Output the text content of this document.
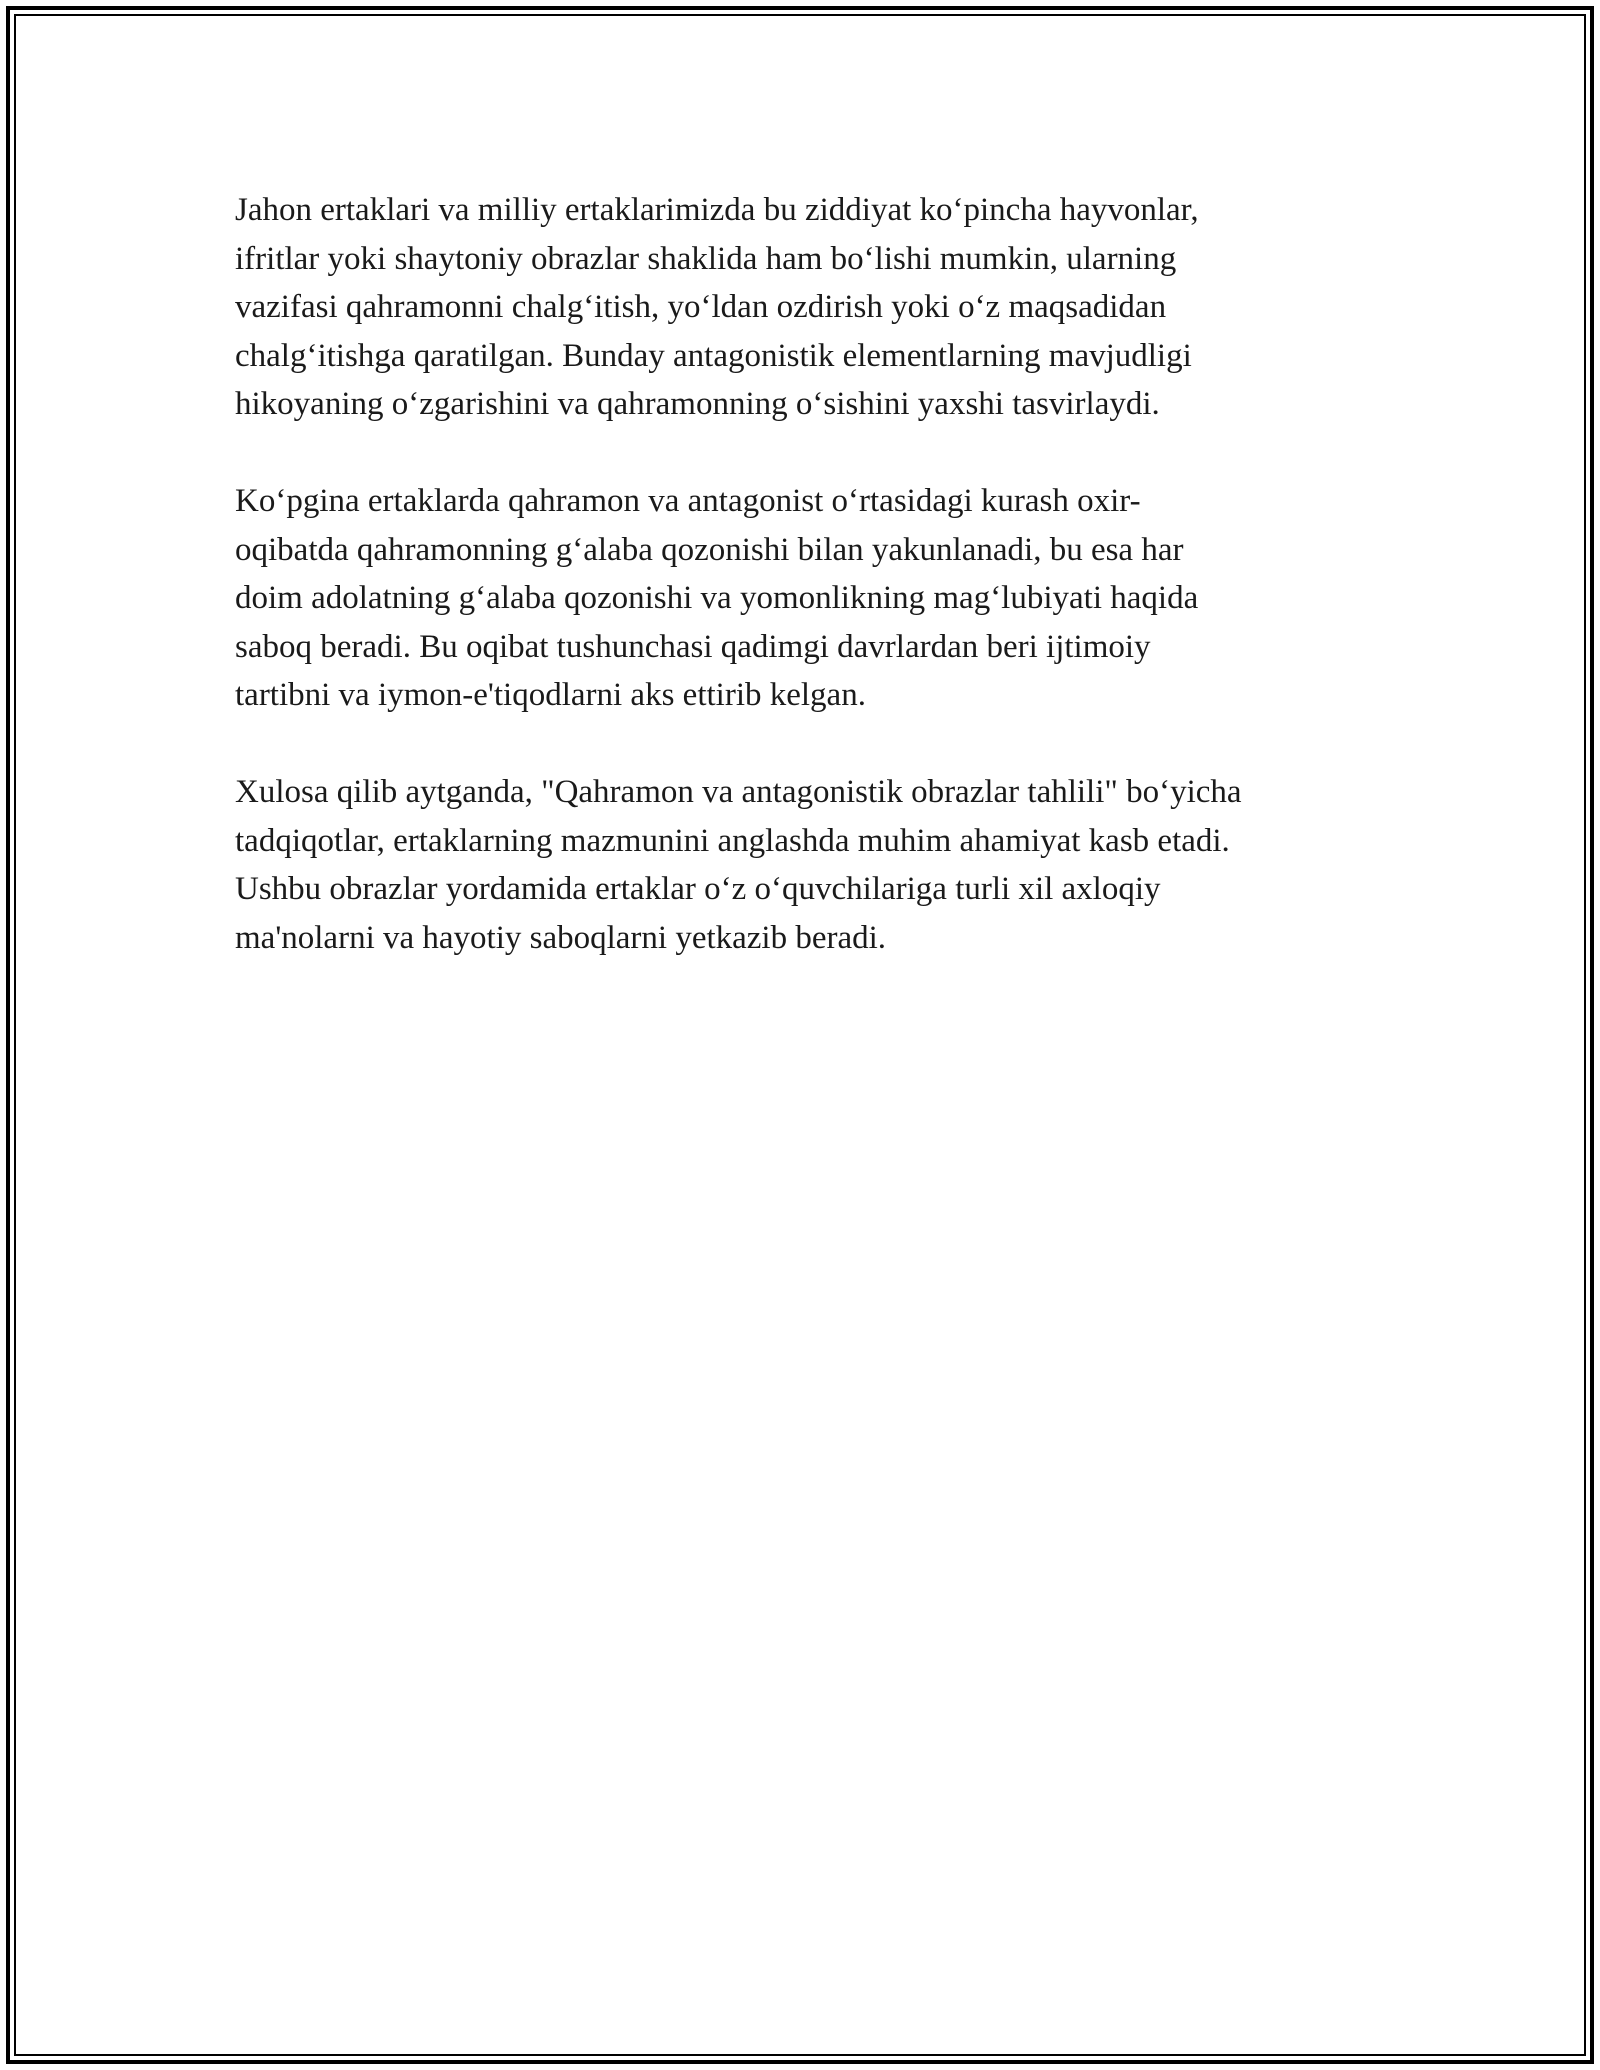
Jahon ertaklari va milliy ertaklarimizda bu ziddiyat koʻpincha hayvonlar,
ifritlar yoki shaytoniy obrazlar shaklida ham boʻlishi mumkin, ularning
vazifasi qahramonni chalgʻitish, yoʻldan ozdirish yoki oʻz maqsadidan
chalgʻitishga qaratilgan. Bunday antagonistik elementlarning mavjudligi
hikoyaning oʻzgarishini va qahramonning oʻsishini yaxshi tasvirlaydi.

Koʻpgina ertaklarda qahramon va antagonist oʻrtasidagi kurash oxir-
oqibatda qahramonning gʻalaba qozonishi bilan yakunlanadi, bu esa har
doim adolatning gʻalaba qozonishi va yomonlikning magʻlubiyati haqida
saboq beradi. Bu oqibat tushunchasi qadimgi davrlardan beri ijtimoiy
tartibni va iymon-e'tiqodlarni aks ettirib kelgan.

Xulosa qilib aytganda, "Qahramon va antagonistik obrazlar tahlili" boʻyicha
tadqiqotlar, ertaklarning mazmunini anglashda muhim ahamiyat kasb etadi.
Ushbu obrazlar yordamida ertaklar oʻz oʻquvchilariga turli xil axloqiy
ma'nolarni va hayotiy saboqlarni yetkazib beradi.
